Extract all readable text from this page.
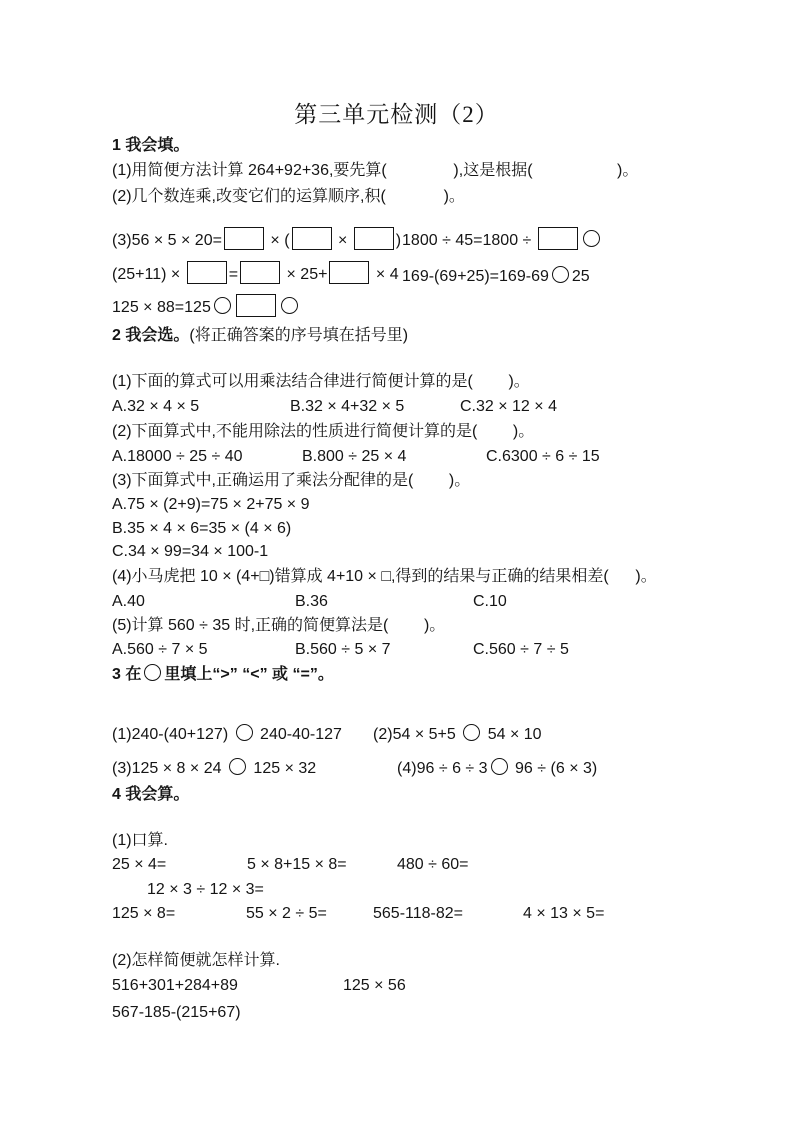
第三单元检测（2）
1 我会填。
(1)用简便方法计算 264+92+36,要先算(               ),这是根据(                   )。
(2)几个数连乘,改变它们的运算顺序,积(             )。
(3)56 × 5 × 20=	× (	×	) 1800 ÷ 45=1800 ÷
(25+11) ×	=	× 25+	× 4 169-(69+25)=169-69 25
125 × 88=125
2 我会选。(将正确答案的序号填在括号里)
(1)下面的算式可以用乘法结合律进行简便计算的是(        )。
A.32 × 4 × 5	B.32 × 4+32 × 5	C.32 × 12 × 4
(2)下面算式中,不能用除法的性质进行简便计算的是(        )。
A.18000 ÷ 25 ÷ 40	B.800 ÷ 25 × 4	C.6300 ÷ 6 ÷ 15
(3)下面算式中,正确运用了乘法分配律的是(        )。
A.75 × (2+9)=75 × 2+75 × 9
B.35 × 4 × 6=35 × (4 × 6)
C.34 × 99=34 × 100-1
(4)小马虎把 10 × (4+□)错算成 4+10 × □,得到的结果与正确的结果相差(      )。
A.40	B.36	C.10
(5)计算 560 ÷ 35 时,正确的简便算法是(        )。
A.560 ÷ 7 × 5	B.560 ÷ 5 × 7	C.560 ÷ 7 ÷ 5
3 在 里填上“>” “<” 或 “=”。
(1)240-(40+127) 240-40-127 (2)54 × 5+5 54 × 10
(3)125 × 8 × 24 125 × 32	(4)96 ÷ 6 ÷ 3 96 ÷ (6 × 3)
4 我会算。
(1)口算.
25 × 4=	5 × 8+15 × 8=	480 ÷ 60=
12 × 3 ÷ 12 × 3=
125 × 8=	55 × 2 ÷ 5=	565-118-82=	4 × 13 × 5=
(2)怎样简便就怎样计算.
516+301+284+89	125 × 56
567-185-(215+67)
